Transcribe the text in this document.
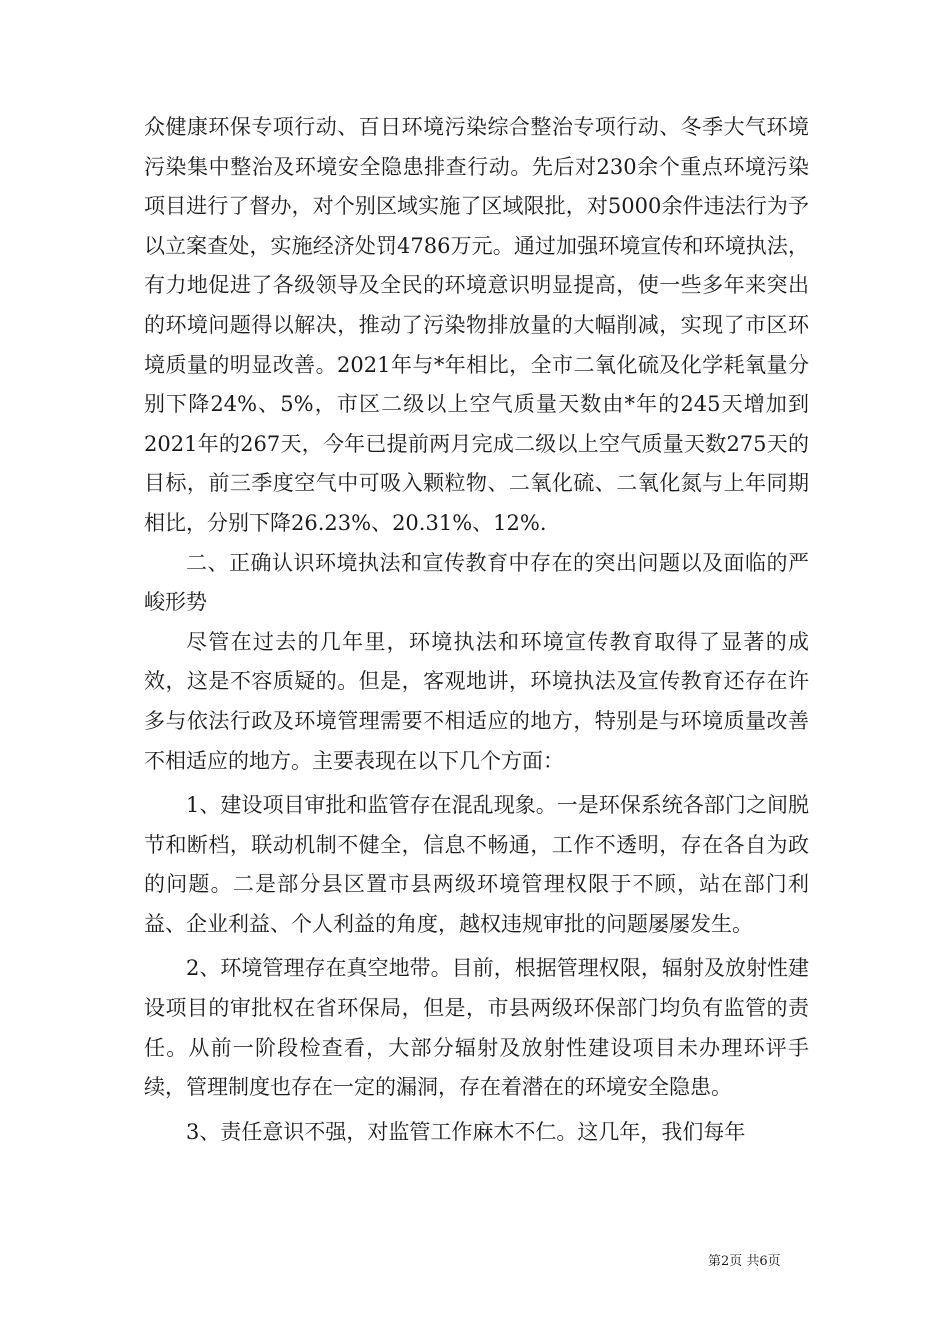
众健康环保专项行动、百日环境污染综合整治专项行动、冬季大气环境污染集中整治及环境安全隐患排查行动。先后对230余个重点环境污染项目进行了督办，对个别区域实施了区域限批，对5000余件违法行为予以立案查处，实施经济处罚4786万元。通过加强环境宣传和环境执法，有力地促进了各级领导及全民的环境意识明显提高，使一些多年来突出的环境问题得以解决，推动了污染物排放量的大幅削减，实现了市区环境质量的明显改善。2021年与*年相比，全市二氧化硫及化学耗氧量分别下降24%、5%，市区二级以上空气质量天数由*年的245天增加到2021年的267天，今年已提前两月完成二级以上空气质量天数275天的目标，前三季度空气中可吸入颗粒物、二氧化硫、二氧化氮与上年同期相比，分别下降26.23%、20.31%、12%.

二、正确认识环境执法和宣传教育中存在的突出问题以及面临的严峻形势

尽管在过去的几年里，环境执法和环境宣传教育取得了显著的成效，这是不容质疑的。但是，客观地讲，环境执法及宣传教育还存在许多与依法行政及环境管理需要不相适应的地方，特别是与环境质量改善不相适应的地方。主要表现在以下几个方面：

1、建设项目审批和监管存在混乱现象。一是环保系统各部门之间脱节和断档，联动机制不健全，信息不畅通，工作不透明，存在各自为政的问题。二是部分县区置市县两级环境管理权限于不顾，站在部门利益、企业利益、个人利益的角度，越权违规审批的问题屡屡发生。

2、环境管理存在真空地带。目前，根据管理权限，辐射及放射性建设项目的审批权在省环保局，但是，市县两级环保部门均负有监管的责任。从前一阶段检查看，大部分辐射及放射性建设项目未办理环评手续，管理制度也存在一定的漏洞，存在着潜在的环境安全隐患。

3、责任意识不强，对监管工作麻木不仁。这几年，我们每年

第2页 共6页
